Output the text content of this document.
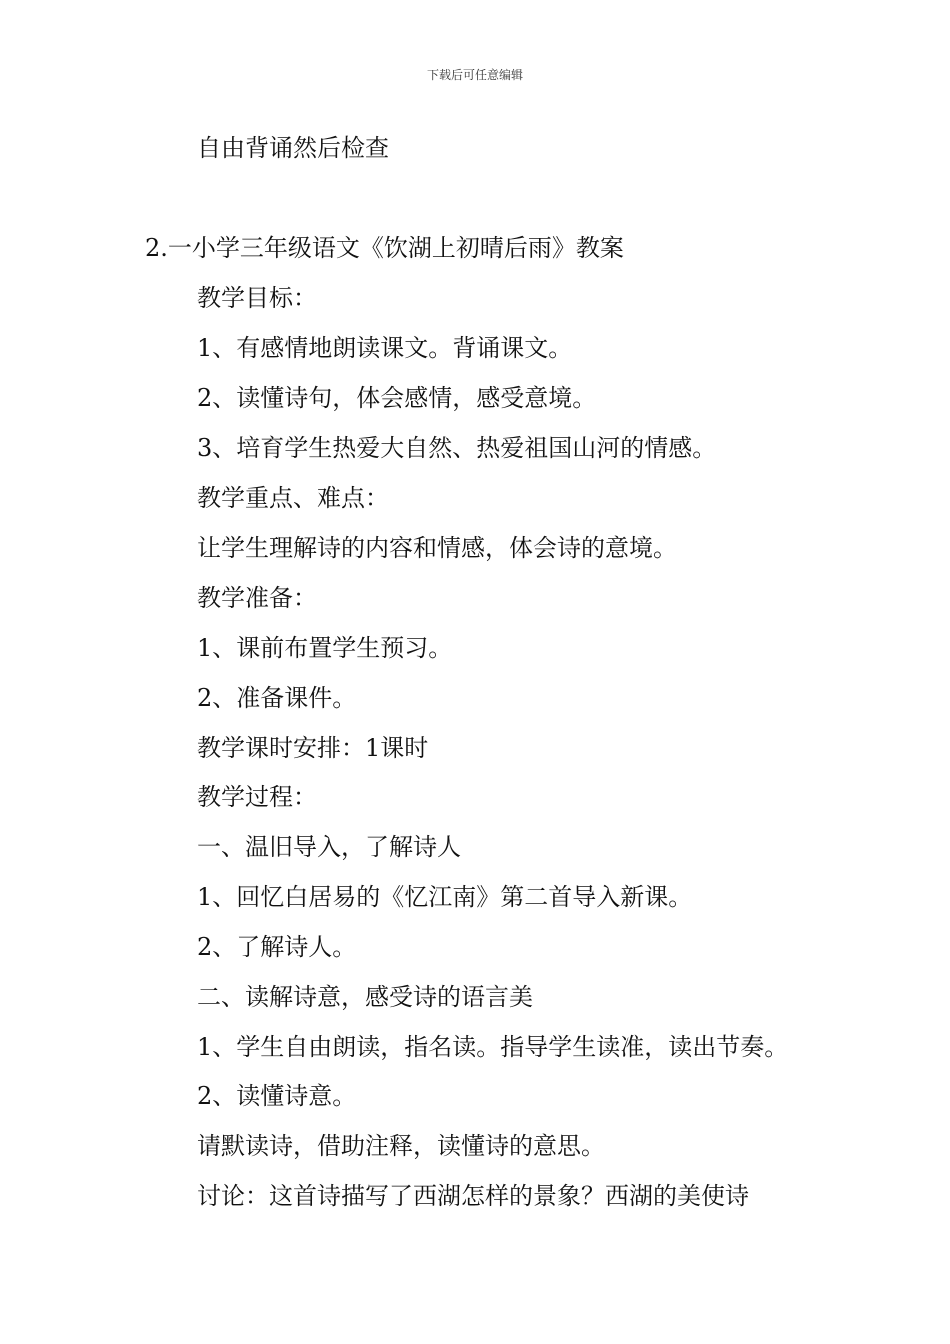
下载后可任意编辑
自由背诵然后检查
2.一小学三年级语文《饮湖上初晴后雨》教案
教学目标：
1、有感情地朗读课文。背诵课文。
2、读懂诗句，体会感情，感受意境。
3、培育学生热爱大自然、热爱祖国山河的情感。
教学重点、难点：
让学生理解诗的内容和情感，体会诗的意境。
教学准备：
1、课前布置学生预习。
2、准备课件。
教学课时安排：1课时
教学过程：
一、温旧导入，了解诗人
1、回忆白居易的《忆江南》第二首导入新课。
2、了解诗人。
二、读解诗意，感受诗的语言美
1、学生自由朗读，指名读。指导学生读准，读出节奏。
2、读懂诗意。
请默读诗，借助注释，读懂诗的意思。
讨论：这首诗描写了西湖怎样的景象？西湖的美使诗
